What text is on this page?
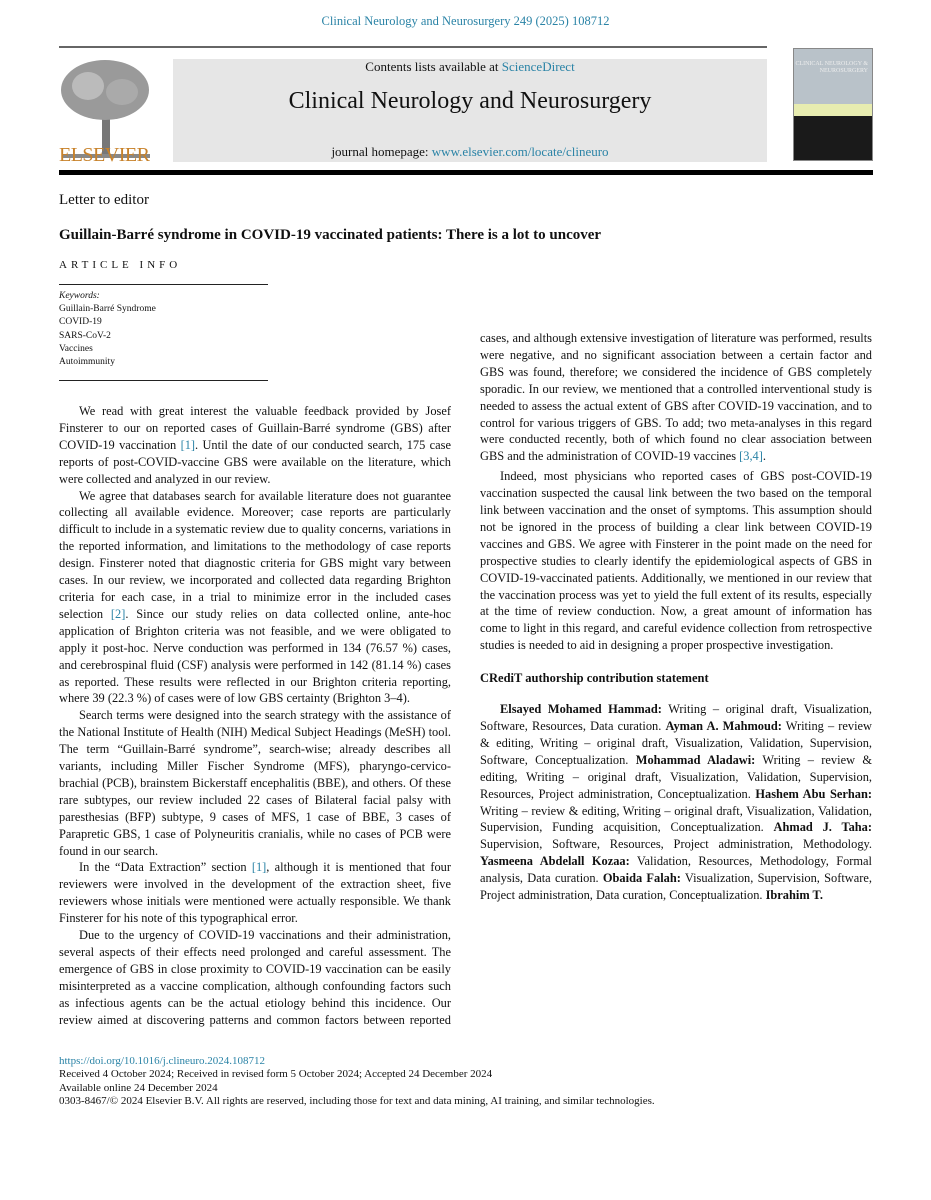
Clinical Neurology and Neurosurgery 249 (2025) 108712
ELSEVIER
Contents lists available at ScienceDirect
Clinical Neurology and Neurosurgery
journal homepage: www.elsevier.com/locate/clineuro
CLINICAL NEUROLOGY & NEUROSURGERY
Letter to editor
Guillain-Barré syndrome in COVID-19 vaccinated patients: There is a lot to uncover
ARTICLE INFO
Keywords:
Guillain-Barré Syndrome
COVID-19
SARS-CoV-2
Vaccines
Autoimmunity

We read with great interest the valuable feedback provided by Josef Finsterer to our on reported cases of Guillain-Barré syndrome (GBS) after COVID-19 vaccination [1]. Until the date of our conducted search, 175 case reports of post-COVID-vaccine GBS were available on the literature, which were collected and analyzed in our review.

We agree that databases search for available literature does not guarantee collecting all available evidence. Moreover; case reports are particularly difficult to include in a systematic review due to quality concerns, variations in the reported information, and limitations to the methodology of case reports design. Finsterer noted that diagnostic criteria for GBS might vary between cases. In our review, we incorporated and collected data regarding Brighton criteria for each case, in a trial to minimize error in the included cases selection [2]. Since our study relies on data collected online, ante-hoc application of Brighton criteria was not feasible, and we were obligated to apply it post-hoc. Nerve conduction was performed in 134 (76.57 %) cases, and cerebrospinal fluid (CSF) analysis were performed in 142 (81.14 %) cases as reported. These results were reflected in our Brighton criteria reporting, where 39 (22.3 %) of cases were of low GBS certainty (Brighton 3–4).

Search terms were designed into the search strategy with the assistance of the National Institute of Health (NIH) Medical Subject Headings (MeSH) tool. The term “Guillain-Barré syndrome”, search-wise; already describes all variants, including Miller Fischer Syndrome (MFS), pharyngo-cervico-brachial (PCB), brainstem Bickerstaff encephalitis (BBE), and others. Of these rare subtypes, our review included 22 cases of Bilateral facial palsy with paresthesias (BFP) subtype, 9 cases of MFS, 1 case of BBE, 3 cases of Parapretic GBS, 1 case of Polyneuritis cranialis, while no cases of PCB were found in our search.

In the “Data Extraction” section [1], although it is mentioned that four reviewers were involved in the development of the extraction sheet, five reviewers whose initials were mentioned were actually responsible. We thank Finsterer for his note of this typographical error.

Due to the urgency of COVID-19 vaccinations and their administration, several aspects of their effects need prolonged and careful assessment. The emergence of GBS in close proximity to COVID-19 vaccination can be easily misinterpreted as a vaccine complication, although confounding factors such as infectious agents can be the actual etiology behind this incidence. Our review aimed at discovering patterns and common factors between reported

cases, and although extensive investigation of literature was performed, results were negative, and no significant association between a certain factor and GBS was found, therefore; we considered the incidence of GBS completely sporadic. In our review, we mentioned that a controlled interventional study is needed to assess the actual extent of GBS after COVID-19 vaccination, and to control for various triggers of GBS. To add; two meta-analyses in this regard were conducted recently, both of which found no clear association between GBS and the administration of COVID-19 vaccines [3,4].

Indeed, most physicians who reported cases of GBS post-COVID-19 vaccination suspected the causal link between the two based on the temporal link between vaccination and the onset of symptoms. This assumption should not be ignored in the process of building a clear link between COVID-19 vaccines and GBS. We agree with Finsterer in the point made on the need for prospective studies to clearly identify the epidemiological aspects of GBS in COVID-19-vaccinated patients. Additionally, we mentioned in our review that the vaccination process was yet to yield the full extent of its results, especially at the time of review conduction. Now, a great amount of information has come to light in this regard, and careful evidence collection from retrospective studies is needed to aid in designing a proper prospective investigation.

CRediT authorship contribution statement

Elsayed Mohamed Hammad: Writing – original draft, Visualization, Software, Resources, Data curation. Ayman A. Mahmoud: Writing – review & editing, Writing – original draft, Visualization, Validation, Supervision, Software, Conceptualization. Mohammad Aladawi: Writing – review & editing, Writing – original draft, Visualization, Validation, Supervision, Resources, Project administration, Conceptualization. Hashem Abu Serhan: Writing – review & editing, Writing – original draft, Visualization, Validation, Supervision, Funding acquisition, Conceptualization. Ahmad J. Taha: Supervision, Software, Resources, Project administration, Methodology. Yasmeena Abdelall Kozaa: Validation, Resources, Methodology, Formal analysis, Data curation. Obaida Falah: Visualization, Supervision, Software, Project administration, Data curation, Conceptualization. Ibrahim T.

https://doi.org/10.1016/j.clineuro.2024.108712
Received 4 October 2024; Received in revised form 5 October 2024; Accepted 24 December 2024
Available online 24 December 2024
0303-8467/© 2024 Elsevier B.V. All rights are reserved, including those for text and data mining, AI training, and similar technologies.
